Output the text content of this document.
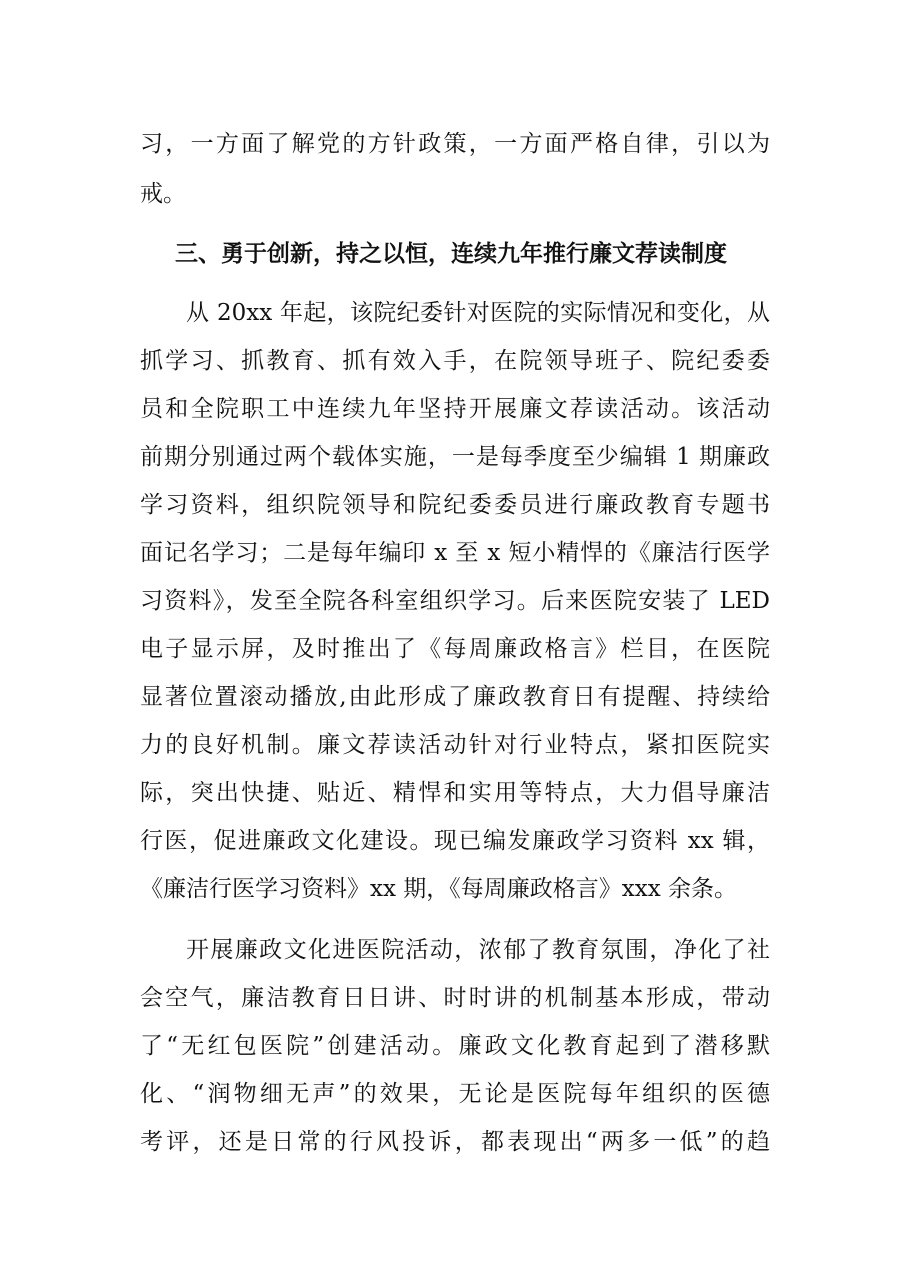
习，一方面了解党的方针政策，一方面严格自律，引以为
戒。
三、勇于创新，持之以恒，连续九年推行廉文荐读制度
从 20xx 年起，该院纪委针对医院的实际情况和变化，从
抓学习、抓教育、抓有效入手，在院领导班子、院纪委委
员和全院职工中连续九年坚持开展廉文荐读活动。该活动
前期分别通过两个载体实施，一是每季度至少编辑 1 期廉政
学习资料，组织院领导和院纪委委员进行廉政教育专题书
面记名学习；二是每年编印 x 至 x 短小精悍的《廉洁行医学
习资料》，发至全院各科室组织学习。后来医院安装了 LED
电子显示屏，及时推出了《每周廉政格言》栏目，在医院
显著位置滚动播放,由此形成了廉政教育日有提醒、持续给
力的良好机制。廉文荐读活动针对行业特点，紧扣医院实
际，突出快捷、贴近、精悍和实用等特点，大力倡导廉洁
行医，促进廉政文化建设。现已编发廉政学习资料 xx 辑，
《廉洁行医学习资料》xx 期，《每周廉政格言》xxx 余条。
开展廉政文化进医院活动，浓郁了教育氛围，净化了社
会空气，廉洁教育日日讲、时时讲的机制基本形成，带动
了“无红包医院”创建活动。廉政文化教育起到了潜移默
化、“润物细无声”的效果，无论是医院每年组织的医德
考评，还是日常的行风投诉，都表现出“两多一低”的趋
